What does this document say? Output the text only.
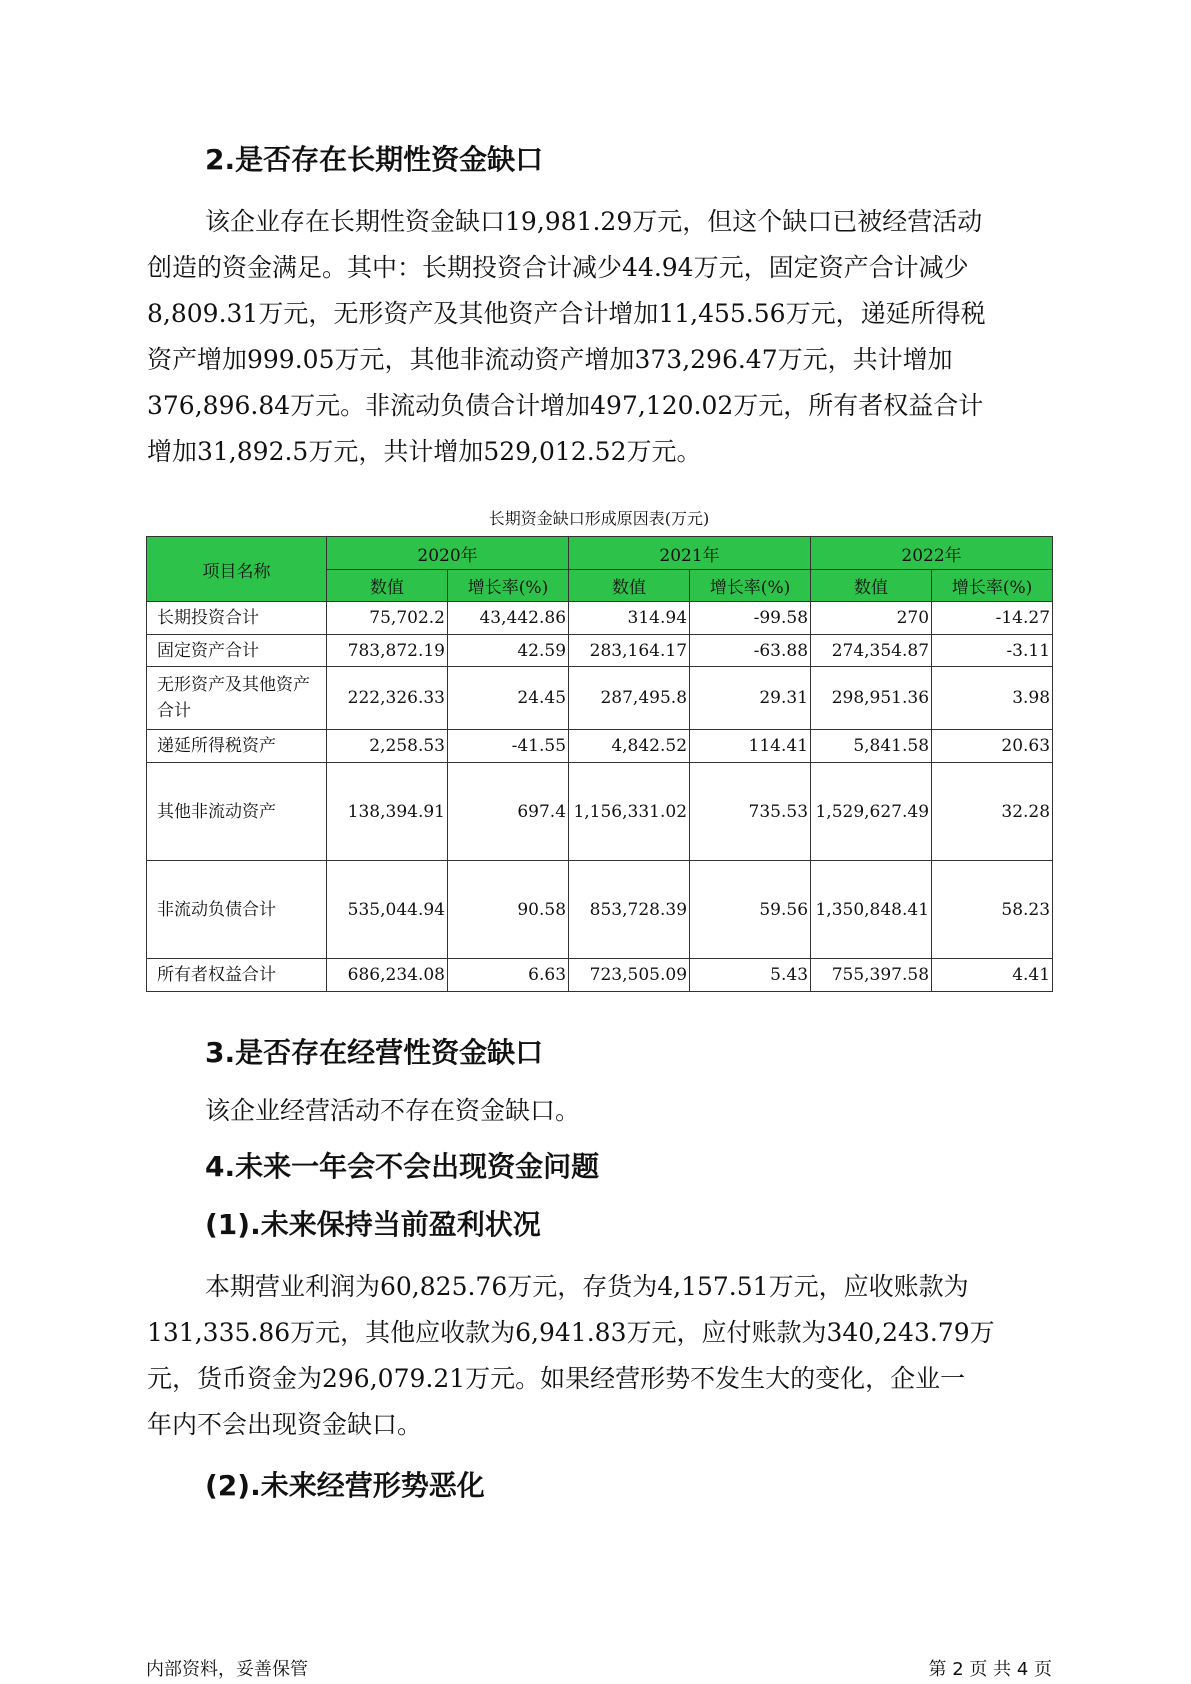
2.是否存在长期性资金缺口
该企业存在长期性资金缺口19,981.29万元，但这个缺口已被经营活动
创造的资金满足。其中：长期投资合计减少44.94万元，固定资产合计减少
8,809.31万元，无形资产及其他资产合计增加11,455.56万元，递延所得税
资产增加999.05万元，其他非流动资产增加373,296.47万元，共计增加
376,896.84万元。非流动负债合计增加497,120.02万元，所有者权益合计
增加31,892.5万元，共计增加529,012.52万元。

长期资金缺口形成原因表(万元)

项目名称	2020年		2021年		2022年	
	数值	增长率(%)	数值	增长率(%)	数值	增长率(%)
长期投资合计	75,702.2	43,442.86	314.94	-99.58	270	-14.27
固定资产合计	783,872.19	42.59	283,164.17	-63.88	274,354.87	-3.11
无形资产及其他资产合计	222,326.33	24.45	287,495.8	29.31	298,951.36	3.98
递延所得税资产	2,258.53	-41.55	4,842.52	114.41	5,841.58	20.63
其他非流动资产	138,394.91	697.4	1,156,331.02	735.53	1,529,627.49	32.28
非流动负债合计	535,044.94	90.58	853,728.39	59.56	1,350,848.41	58.23
所有者权益合计	686,234.08	6.63	723,505.09	5.43	755,397.58	4.41
3.是否存在经营性资金缺口
该企业经营活动不存在资金缺口。
4.未来一年会不会出现资金问题
(1).未来保持当前盈利状况
本期营业利润为60,825.76万元，存货为4,157.51万元，应收账款为
131,335.86万元，其他应收款为6,941.83万元，应付账款为340,243.79万
元，货币资金为296,079.21万元。如果经营形势不发生大的变化，企业一
年内不会出现资金缺口。
(2).未来经营形势恶化

内部资料，妥善保管	第 2 页 共 4 页
